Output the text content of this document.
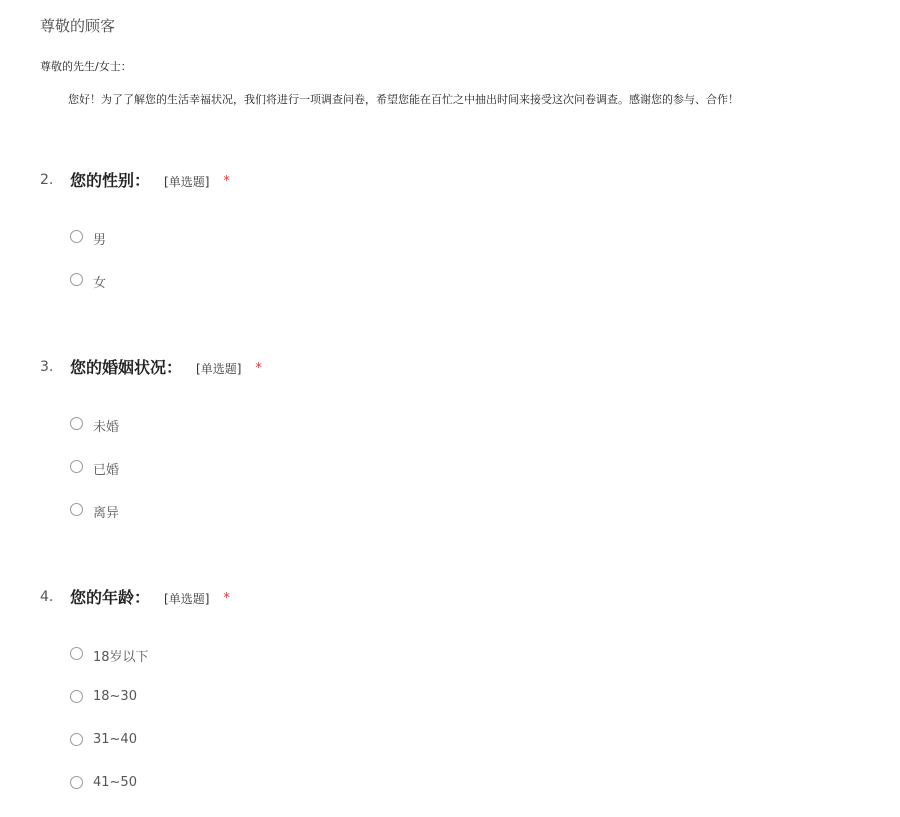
尊敬的顾客
尊敬的先生/女士：
您好！为了了解您的生活幸福状况，我们将进行一项调查问卷，希望您能在百忙之中抽出时间来接受这次问卷调查。感谢您的参与、合作！
2. 您的性别： [单选题] *
男
女
3. 您的婚姻状况： [单选题] *
未婚
已婚
离异
4. 您的年龄： [单选题] *
18岁以下
18~30
31~40
41~50
